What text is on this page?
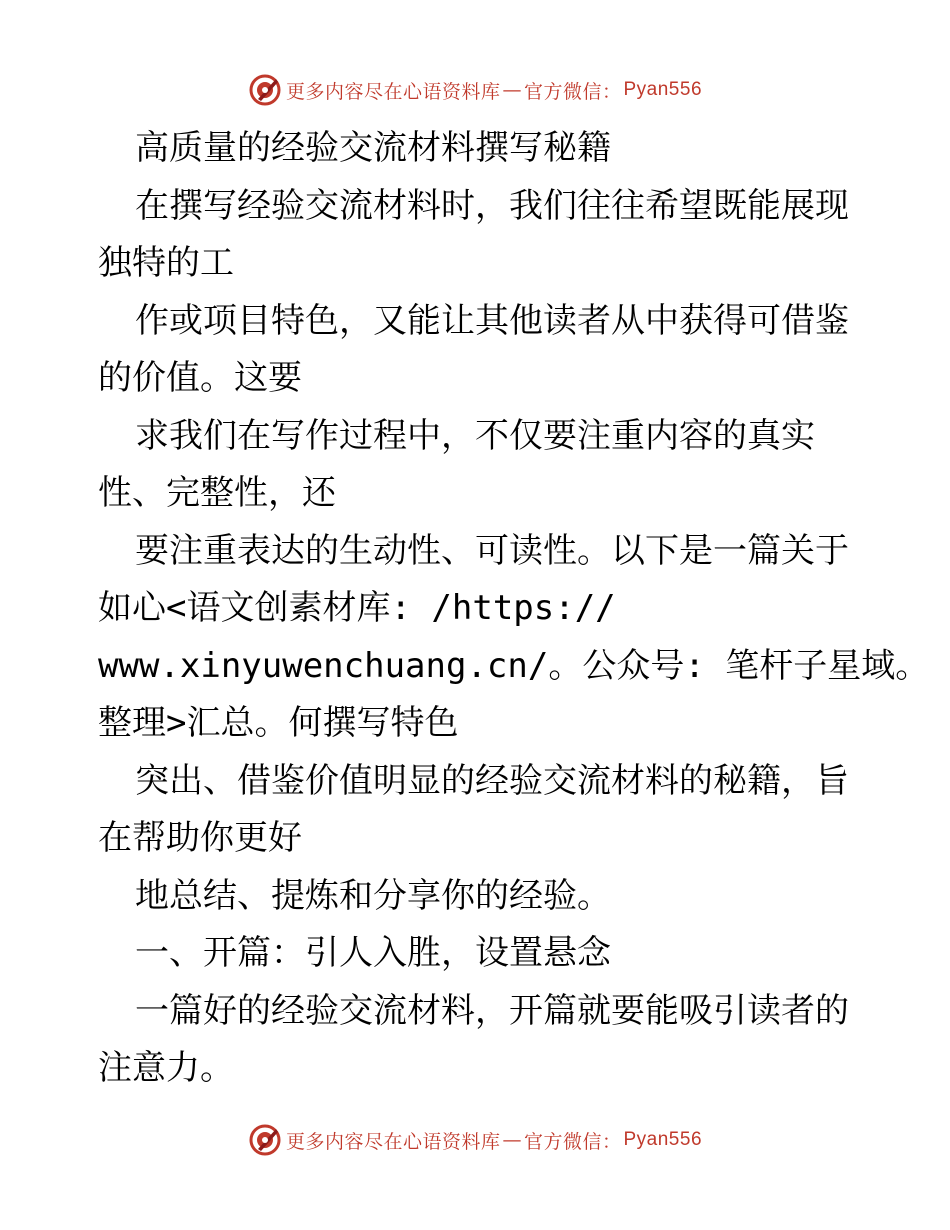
更多内容尽在心语资料库 — 官方微信： Pyan556
高质量的经验交流材料撰写秘籍
在撰写经验交流材料时，我们往往希望既能展现
独特的工
作或项目特色，又能让其他读者从中获得可借鉴
的价值。这要
求我们在写作过程中，不仅要注重内容的真实
性、完整性，还
要注重表达的生动性、可读性。以下是一篇关于
如心<语文创素材库: /https://
www.xinyuwenchuang.cn/。公众号: 笔杆子星域。
整理>汇总。何撰写特色
突出、借鉴价值明显的经验交流材料的秘籍，旨
在帮助你更好
地总结、提炼和分享你的经验。
一、开篇：引人入胜，设置悬念
一篇好的经验交流材料，开篇就要能吸引读者的
注意力。
更多内容尽在心语资料库 — 官方微信： Pyan556
